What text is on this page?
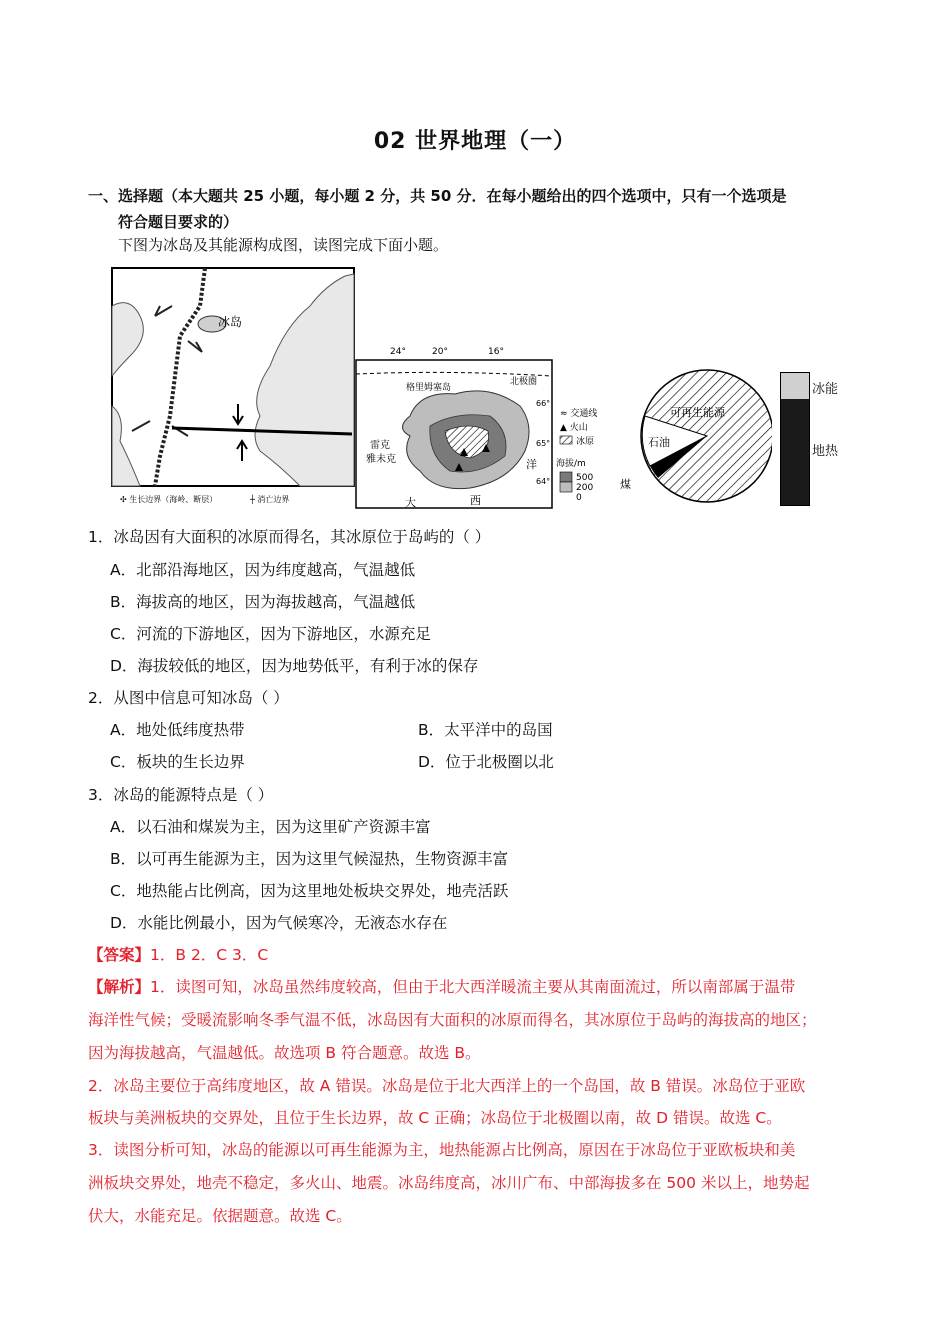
02 世界地理（一）
一、选择题（本大题共 25 小题，每小题 2 分，共 50 分．在每小题给出的四个选项中，只有一个选项是
符合题目要求的）
下图为冰岛及其能源构成图，读图完成下面小题。
冰岛
✣ 生长边界（海岭、断层）	┼ 消亡边界
24°	20°	16°
北极圈
格里姆塞岛
66°
65°
64°
雷克
雅未克	洋
大	西
≈ 交通线
▲ 火山
冰原
海拔/m
500
200
0
可再生能源
石油
煤
冰能
地热
1．冰岛因有大面积的冰原而得名，其冰原位于岛屿的（ ）
A．北部沿海地区，因为纬度越高，气温越低
B．海拔高的地区，因为海拔越高，气温越低
C．河流的下游地区，因为下游地区，水源充足
D．海拔较低的地区，因为地势低平，有利于冰的保存
2．从图中信息可知冰岛（ ）
A．地处低纬度热带	B．太平洋中的岛国
C．板块的生长边界	D．位于北极圈以北
3．冰岛的能源特点是（ ）
A．以石油和煤炭为主，因为这里矿产资源丰富
B．以可再生能源为主，因为这里气候湿热，生物资源丰富
C．地热能占比例高，因为这里地处板块交界处，地壳活跃
D．水能比例最小，因为气候寒冷，无液态水存在
【答案】1．B 2．C 3．C
【解析】1．读图可知，冰岛虽然纬度较高，但由于北大西洋暖流主要从其南面流过，所以南部属于温带
海洋性气候；受暖流影响冬季气温不低，冰岛因有大面积的冰原而得名，其冰原位于岛屿的海拔高的地区；
因为海拔越高，气温越低。故选项 B 符合题意。故选 B。
2．冰岛主要位于高纬度地区，故 A 错误。冰岛是位于北大西洋上的一个岛国，故 B 错误。冰岛位于亚欧
板块与美洲板块的交界处，且位于生长边界，故 C 正确；冰岛位于北极圈以南，故 D 错误。故选 C。
3．读图分析可知，冰岛的能源以可再生能源为主，地热能源占比例高，原因在于冰岛位于亚欧板块和美
洲板块交界处，地壳不稳定，多火山、地震。冰岛纬度高，冰川广布、中部海拔多在 500 米以上，地势起
伏大，水能充足。依据题意。故选 C。
